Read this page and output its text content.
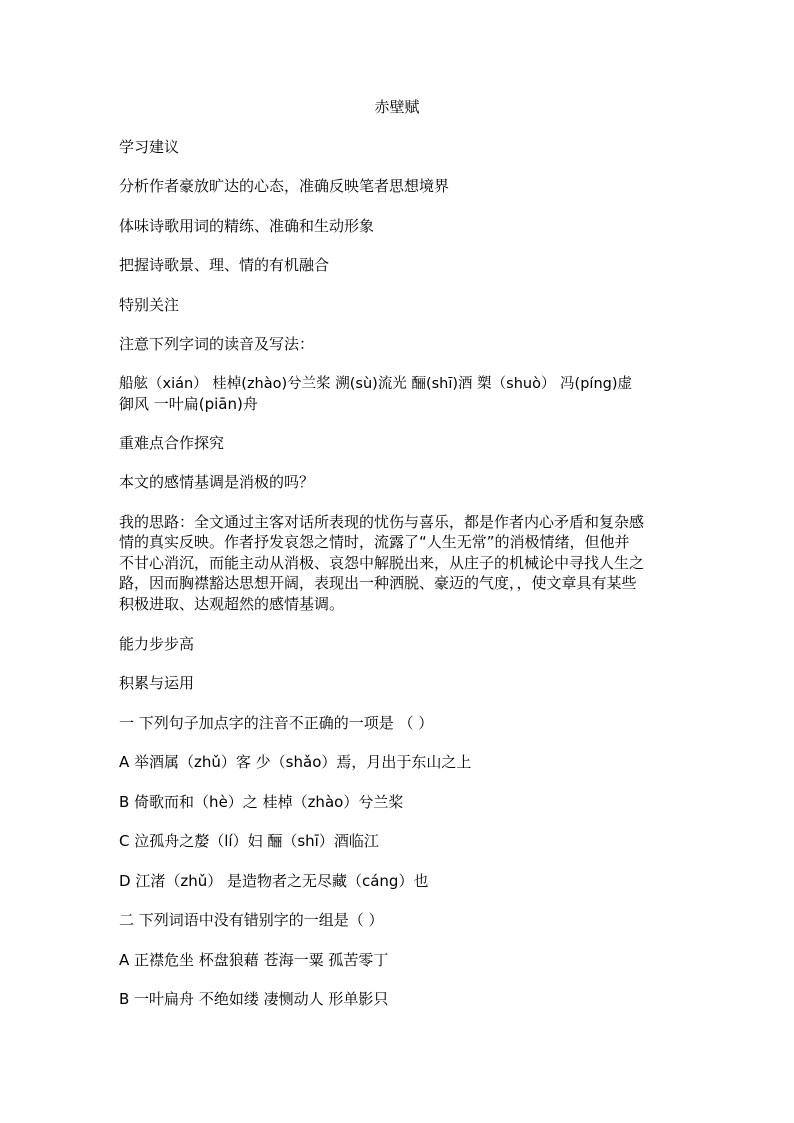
赤壁赋
学习建议
分析作者豪放旷达的心态，准确反映笔者思想境界
体味诗歌用词的精练、准确和生动形象
把握诗歌景、理、情的有机融合
特别关注
注意下列字词的读音及写法：
船舷（xián） 桂棹(zhào)兮兰桨 溯(sù)流光 酾(shī)酒 槊（shuò） 冯(píng)虚
御风 一叶扁(piān)舟
重难点合作探究
本文的感情基调是消极的吗？
我的思路：全文通过主客对话所表现的忧伤与喜乐，都是作者内心矛盾和复杂感
情的真实反映。作者抒发哀怨之情时，流露了“人生无常”的消极情绪，但他并
不甘心消沉，而能主动从消极、哀怨中解脱出来，从庄子的机械论中寻找人生之
路，因而胸襟豁达思想开阔，表现出一种洒脱、豪迈的气度，，使文章具有某些
积极进取、达观超然的感情基调。
能力步步高
积累与运用
一 下列句子加点字的注音不正确的一项是 （ ）
A 举酒属（zhǔ）客 少（shǎo）焉，月出于东山之上
B 倚歌而和（hè）之 桂棹（zhào）兮兰桨
C 泣孤舟之嫠（lí）妇 酾（shī）酒临江
D 江渚（zhǔ） 是造物者之无尽藏（cáng）也
二 下列词语中没有错别字的一组是（ ）
A 正襟危坐 杯盘狼藉 苍海一粟 孤苦零丁
B 一叶扁舟 不绝如缕 凄恻动人 形单影只
